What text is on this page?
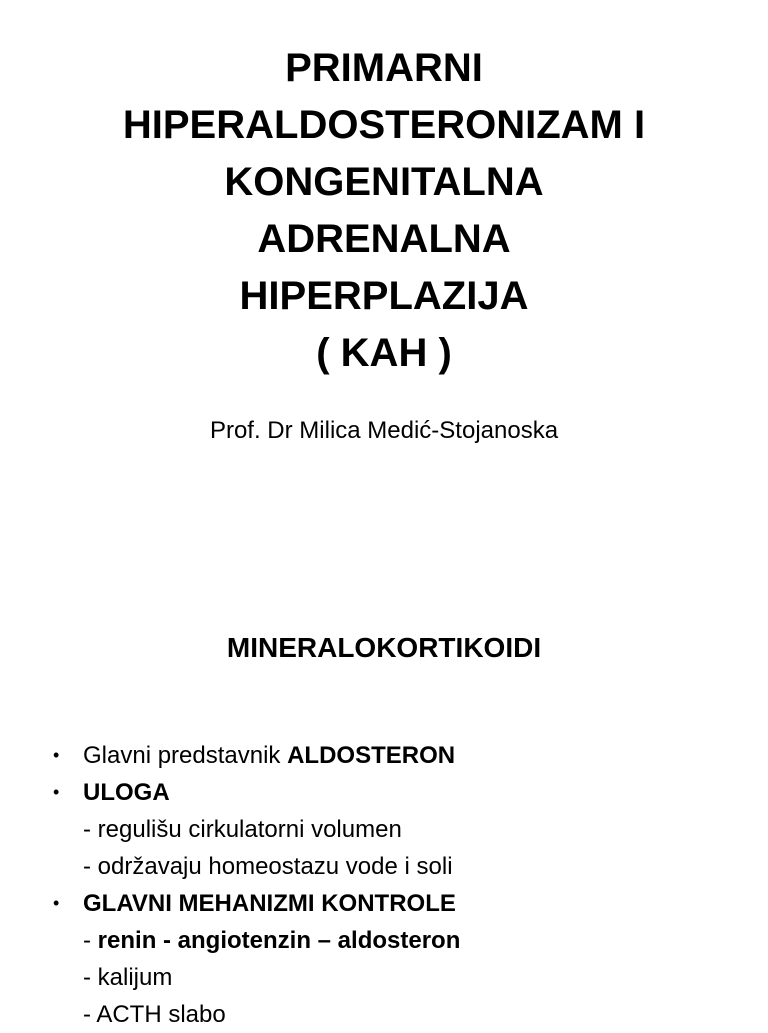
PRIMARNI
HIPERALDOSTERONIZAM I
KONGENITALNA
ADRENALNA
HIPERPLAZIJA
( KAH )
Prof. Dr Milica Medić-Stojanoska
MINERALOKORTIKOIDI
• Glavni predstavnik ALDOSTERON
• ULOGA
- regulišu cirkulatorni volumen
- održavaju homeostazu vode i soli
• GLAVNI MEHANIZMI KONTROLE
- renin - angiotenzin – aldosteron
- kalijum
- ACTH slabo
